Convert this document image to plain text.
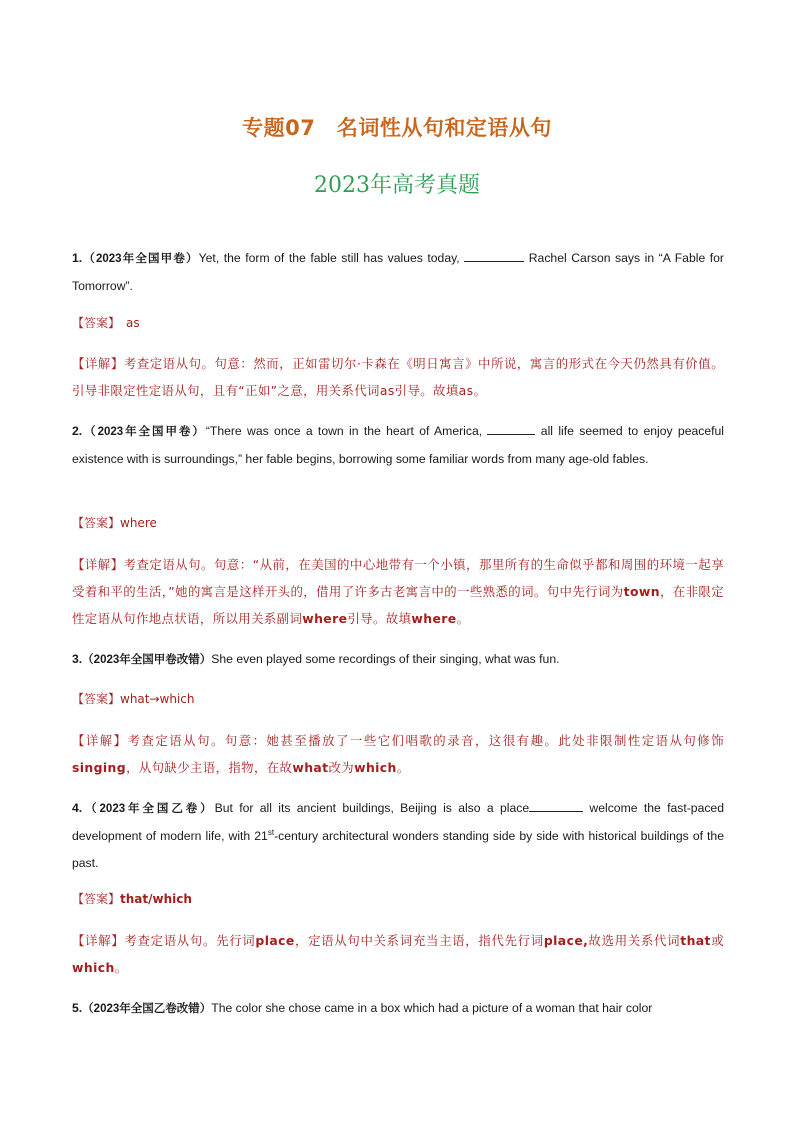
专题07　名词性从句和定语从句
2023年高考真题
1.（2023年全国甲卷）Yet, the form of the fable still has values today,	Rachel Carson says in “A Fable for Tomorrow”.
【答案】 as
【详解】考查定语从句。句意：然而，正如雷切尔·卡森在《明日寓言》中所说，寓言的形式在今天仍然具有价值。引导非限定性定语从句，且有“正如”之意，用关系代词as引导。故填as。
2.（2023年全国甲卷）“There was once a town in the heart of America,	all life seemed to enjoy peaceful existence with is surroundings,” her fable begins, borrowing some familiar words from many age-old fables.
【答案】where
【详解】考查定语从句。句意：“从前，在美国的中心地带有一个小镇，那里所有的生命似乎都和周围的环境一起享受着和平的生活，”她的寓言是这样开头的，借用了许多古老寓言中的一些熟悉的词。句中先行词为town，在非限定性定语从句作地点状语，所以用关系副词where引导。故填where。
3.（2023年全国甲卷改错）She even played some recordings of their singing, what was fun.
【答案】what→which
【详解】考查定语从句。句意：她甚至播放了一些它们唱歌的录音，这很有趣。此处非限制性定语从句修饰singing，从句缺少主语，指物，在故what改为which。
4.（2023年全国乙卷）But for all its ancient buildings, Beijing is also a place	welcome the fast-paced development of modern life, with 21st-century architectural wonders standing side by side with historical buildings of the past.
【答案】that/which
【详解】考查定语从句。先行词place，定语从句中关系词充当主语，指代先行词place,故选用关系代词that或which。
5.（2023年全国乙卷改错）The color she chose came in a box which had a picture of a woman that hair color
